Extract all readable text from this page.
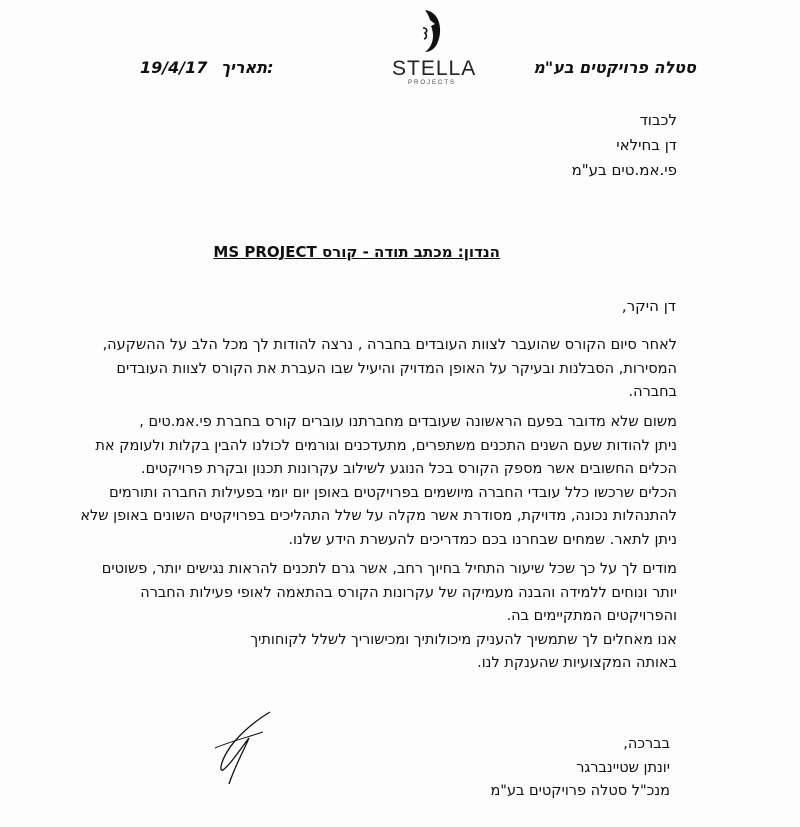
סטלה פרויקטים בע"מ
STELLA
PROJECTS
19/4/17 תאריך:

לכבוד

דן בחילאי

פי.אמ.טים בע"מ

הנדון: מכתב תודה - קורס MS PROJECT
דן היקר,

לאחר סיום הקורס שהועבר לצוות העובדים בחברה , נרצה להודות לך מכל הלב על ההשקעה,

המסירות, הסבלנות ובעיקר על האופן המדויק והיעיל שבו העברת את הקורס לצוות העובדים

בחברה.

משום שלא מדובר בפעם הראשונה שעובדים מחברתנו עוברים קורס בחברת פי.אמ.טים ,

ניתן להודות שעם השנים התכנים משתפרים, מתעדכנים וגורמים לכולנו להבין בקלות ולעומק את

הכלים החשובים אשר מספק הקורס בכל הנוגע לשילוב עקרונות תכנון ובקרת פרויקטים.

הכלים שרכשו כלל עובדי החברה מיושמים בפרויקטים באופן יום יומי בפעילות החברה ותורמים

להתנהלות נכונה, מדויקת, מסודרת אשר מקלה על שלל התהליכים בפרויקטים השונים באופן שלא

ניתן לתאר. שמחים שבחרנו בכם כמדריכים להעשרת הידע שלנו.

מודים לך על כך שכל שיעור התחיל בחיוך רחב, אשר גרם לתכנים להראות נגישים יותר, פשוטים

יותר ונוחים ללמידה והבנה מעמיקה של עקרונות הקורס בהתאמה לאופי פעילות החברה

והפרויקטים המתקיימים בה.

אנו מאחלים לך שתמשיך להעניק מיכולותיך ומכישוריך לשלל לקוחותיך

באותה המקצועיות שהענקת לנו.

בברכה,

יונתן שטיינברגר

מנכ"ל סטלה פרויקטים בע"מ
